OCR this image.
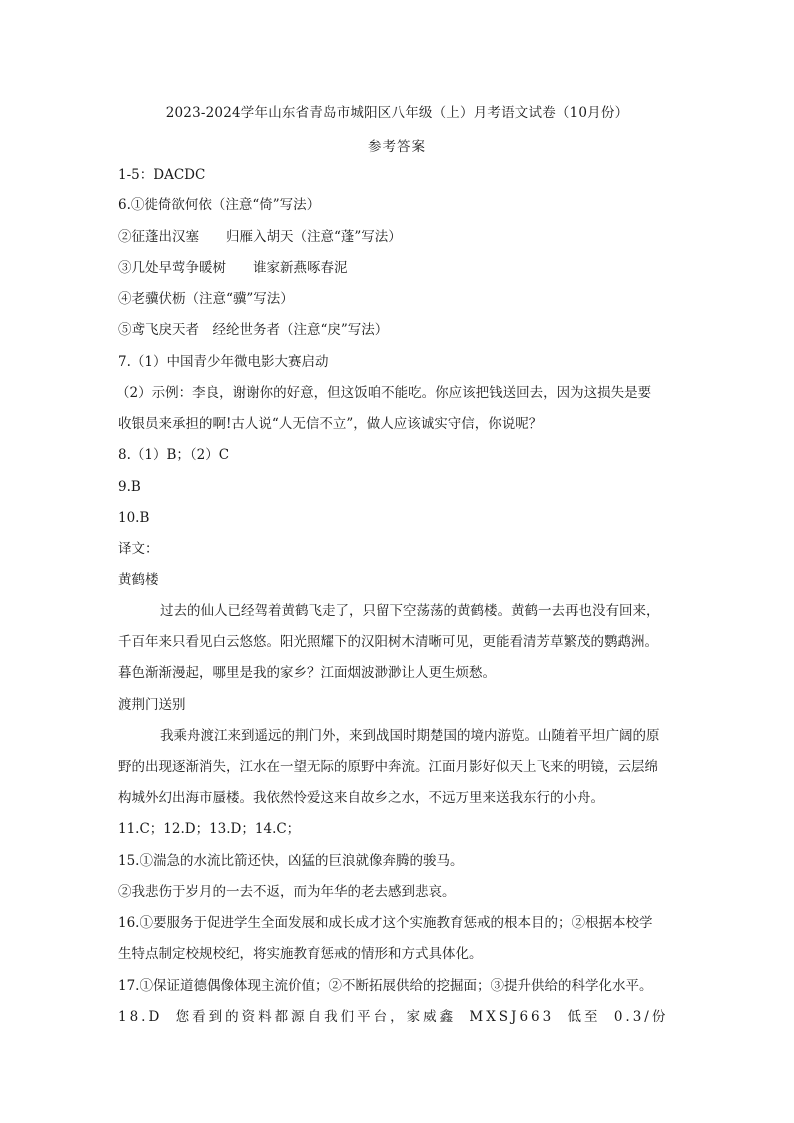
2023-2024学年山东省青岛市城阳区八年级（上）月考语文试卷（10月份）
参考答案
1-5：DACDC
6.①徙倚欲何依（注意“倚”写法）
②征蓬出汉塞　　归雁入胡天（注意“蓬”写法）
③几处早莺争暖树　　谁家新燕啄春泥
④老骥伏枥（注意“骥”写法）
⑤鸢飞戾天者　经纶世务者（注意“戾”写法）
7.（1）中国青少年微电影大赛启动
（2）示例：李良，谢谢你的好意，但这饭咱不能吃。你应该把钱送回去，因为这损失是要
收银员来承担的啊!古人说“人无信不立”，做人应该诚实守信，你说呢？
8.（1）B；（2）C
9.B
10.B
译文：
黄鹤楼
过去的仙人已经驾着黄鹤飞走了，只留下空荡荡的黄鹤楼。黄鹤一去再也没有回来，
千百年来只看见白云悠悠。阳光照耀下的汉阳树木清晰可见，更能看清芳草繁茂的鹦鹉洲。
暮色渐渐漫起，哪里是我的家乡？江面烟波渺渺让人更生烦愁。
渡荆门送别
我乘舟渡江来到遥远的荆门外，来到战国时期楚国的境内游览。山随着平坦广阔的原
野的出现逐渐消失，江水在一望无际的原野中奔流。江面月影好似天上飞来的明镜，云层绵
构城外幻出海市蜃楼。我依然怜爱这来自故乡之水，不远万里来送我东行的小舟。
11.C；12.D；13.D；14.C；
15.①湍急的水流比箭还快，凶猛的巨浪就像奔腾的骏马。
②我悲伤于岁月的一去不返，而为年华的老去感到悲哀。
16.①要服务于促进学生全面发展和成长成才这个实施教育惩戒的根本目的；②根据本校学
生特点制定校规校纪，将实施教育惩戒的情形和方式具体化。
17.①保证道德偶像体现主流价值；②不断拓展供给的挖掘面；③提升供给的科学化水平。
18.D 您看到的资料都源自我们平台，家威鑫 MXSJ663 低至 0.3/份
